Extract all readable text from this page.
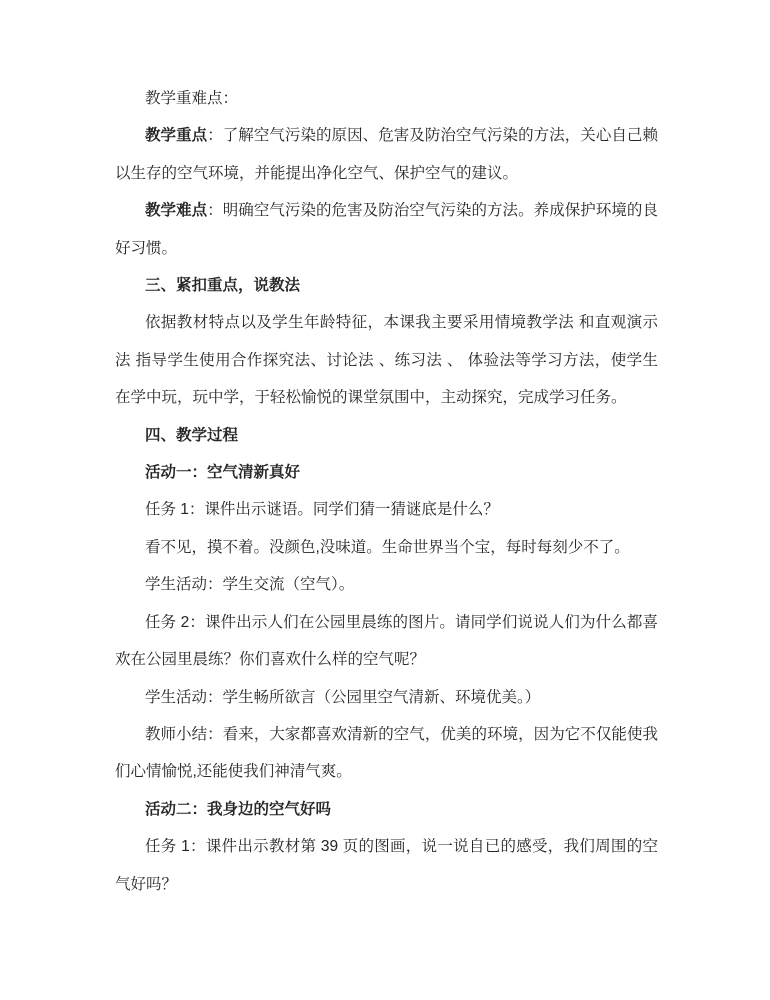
教学重难点：

教学重点：了解空气污染的原因、危害及防治空气污染的方法，关心自己赖以生存的空气环境，并能提出净化空气、保护空气的建议。

教学难点：明确空气污染的危害及防治空气污染的方法。养成保护环境的良好习惯。

三、紧扣重点，说教法

依据教材特点以及学生年龄特征，本课我主要采用情境教学法 和直观演示法 指导学生使用合作探究法、讨论法 、练习法 、 体验法等学习方法，使学生在学中玩，玩中学，于轻松愉悦的课堂氛围中，主动探究，完成学习任务。

四、教学过程

活动一：空气清新真好

任务 1：课件出示谜语。同学们猜一猜谜底是什么？

看不见，摸不着。没颜色,没味道。生命世界当个宝，每时每刻少不了。

学生活动：学生交流（空气）。

任务 2：课件出示人们在公园里晨练的图片。请同学们说说人们为什么都喜欢在公园里晨练？你们喜欢什么样的空气呢？

学生活动：学生畅所欲言（公园里空气清新、环境优美。）

教师小结：看来，大家都喜欢清新的空气，优美的环境，因为它不仅能使我们心情愉悦,还能使我们神清气爽。

活动二：我身边的空气好吗

任务 1：课件出示教材第 39 页的图画，说一说自已的感受，我们周围的空气好吗？
